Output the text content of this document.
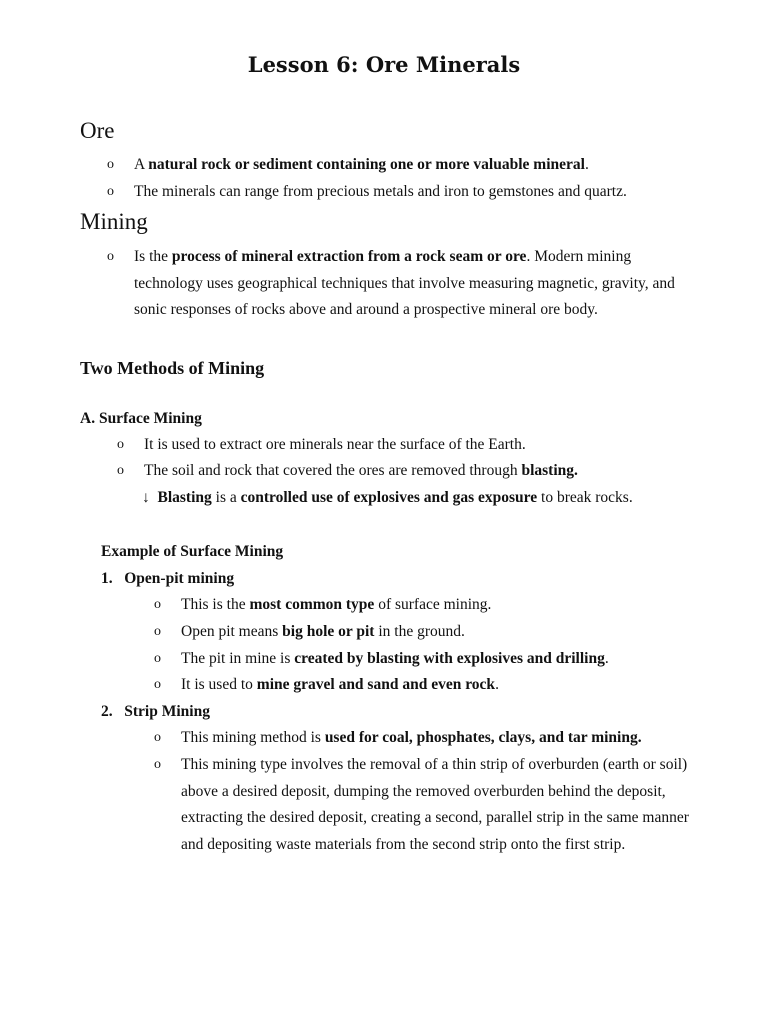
Lesson 6: Ore Minerals
Ore

o A natural rock or sediment containing one or more valuable mineral.

o The minerals can range from precious metals and iron to gemstones and quartz.

Mining

o Is the process of mineral extraction from a rock seam or ore. Modern mining technology uses geographical techniques that involve measuring magnetic, gravity, and sonic responses of rocks above and around a prospective mineral ore body.

Two Methods of Mining
A. Surface Mining

o It is used to extract ore minerals near the surface of the Earth.

o The soil and rock that covered the ores are removed through blasting.

↓ Blasting is a controlled use of explosives and gas exposure to break rocks.

Example of Surface Mining

1. Open-pit mining

o This is the most common type of surface mining.

o Open pit means big hole or pit in the ground.

o The pit in mine is created by blasting with explosives and drilling.

o It is used to mine gravel and sand and even rock.

2. Strip Mining

o This mining method is used for coal, phosphates, clays, and tar mining.

o This mining type involves the removal of a thin strip of overburden (earth or soil) above a desired deposit, dumping the removed overburden behind the deposit, extracting the desired deposit, creating a second, parallel strip in the same manner and depositing waste materials from the second strip onto the first strip.
